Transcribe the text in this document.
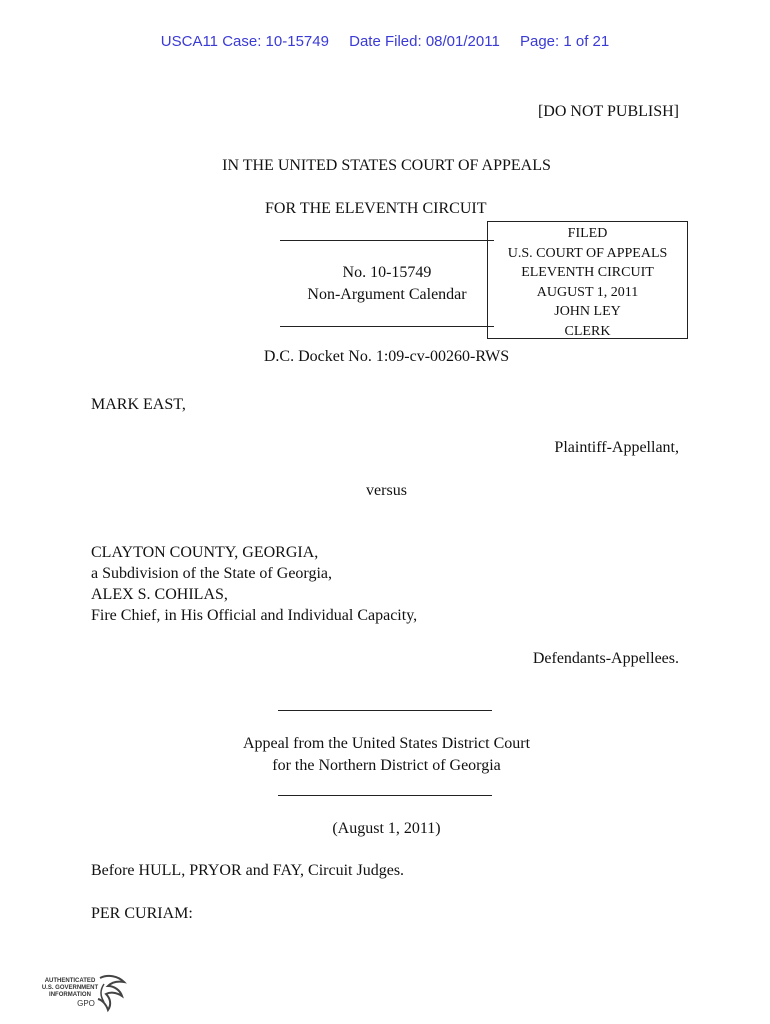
USCA11 Case: 10-15749 Date Filed: 08/01/2011 Page: 1 of 21
[DO NOT PUBLISH]
IN THE UNITED STATES COURT OF APPEALS
FOR THE ELEVENTH CIRCUIT
No. 10-15749
Non-Argument Calendar
FILED
U.S. COURT OF APPEALS
ELEVENTH CIRCUIT
AUGUST 1, 2011
JOHN LEY
CLERK
D.C. Docket No. 1:09-cv-00260-RWS
MARK EAST,
Plaintiff-Appellant,
versus
CLAYTON COUNTY, GEORGIA,
a Subdivision of the State of Georgia,
ALEX S. COHILAS,
Fire Chief, in His Official and Individual Capacity,
Defendants-Appellees.
Appeal from the United States District Court
for the Northern District of Georgia
(August 1, 2011)
Before HULL, PRYOR and FAY, Circuit Judges.
PER CURIAM:
AUTHENTICATED
U.S. GOVERNMENT
INFORMATION
GPO
